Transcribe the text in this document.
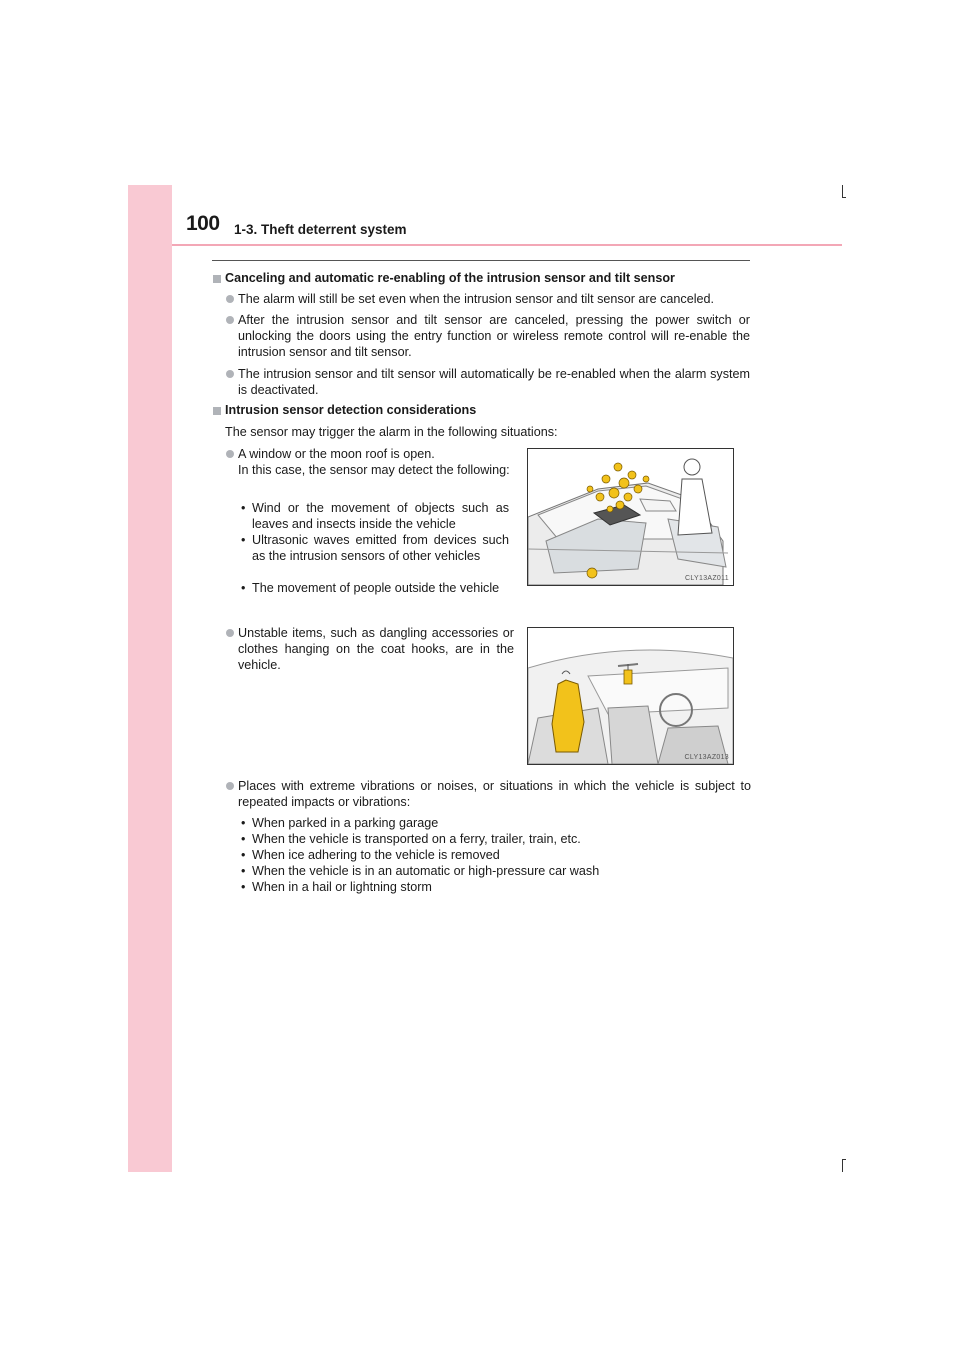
100 1-3. Theft deterrent system
Canceling and automatic re-enabling of the intrusion sensor and tilt sensor
The alarm will still be set even when the intrusion sensor and tilt sensor are canceled.
After the intrusion sensor and tilt sensor are canceled, pressing the power switch or unlocking the doors using the entry function or wireless remote control will re-enable the intrusion sensor and tilt sensor.
The intrusion sensor and tilt sensor will automatically be re-enabled when the alarm system is deactivated.
Intrusion sensor detection considerations
The sensor may trigger the alarm in the following situations:
A window or the moon roof is open.
In this case, the sensor may detect the following:
• Wind or the movement of objects such as leaves and insects inside the vehicle
• Ultrasonic waves emitted from devices such as the intrusion sensors of other vehicles
• The movement of people outside the vehicle
CLY13AZ011
Unstable items, such as dangling accessories or clothes hanging on the coat hooks, are in the vehicle.
CLY13AZ013
Places with extreme vibrations or noises, or situations in which the vehicle is subject to repeated impacts or vibrations:
• When parked in a parking garage
• When the vehicle is transported on a ferry, trailer, train, etc.
• When ice adhering to the vehicle is removed
• When the vehicle is in an automatic or high-pressure car wash
• When in a hail or lightning storm
